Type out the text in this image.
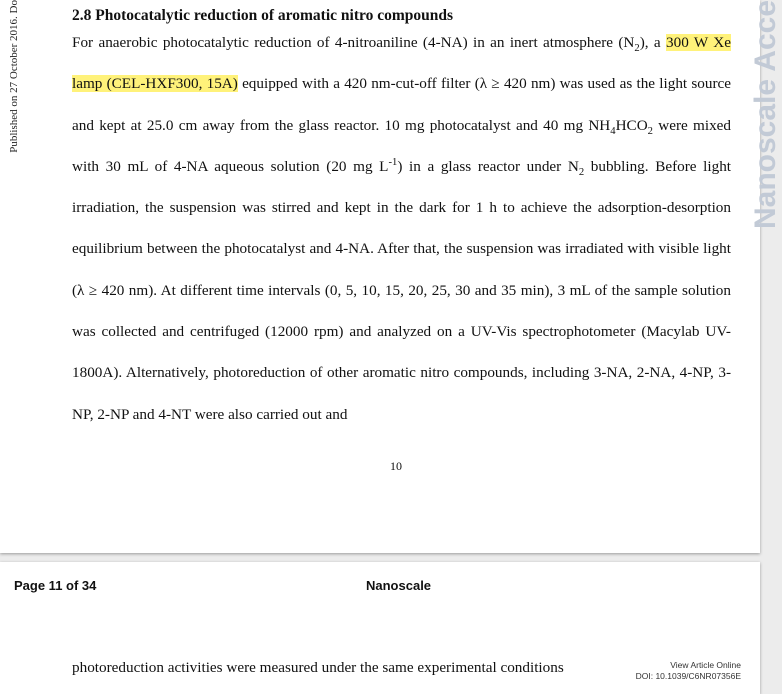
Published on 27 October 2016. Do	Nanoscale Acce
2.8 Photocatalytic reduction of aromatic nitro compounds
For anaerobic photocatalytic reduction of 4-nitroaniline (4-NA) in an inert atmosphere $(N_2)$, a 300 W Xe lamp (CEL-HXF300, 15A) equipped with a 420 nm-cut-off filter (λ ≥ 420 nm) was used as the light source and kept at 25.0 cm away from the glass reactor. 10 mg photocatalyst and 40 mg $NH_4HCO_2$ were mixed with 30 mL of 4-NA aqueous solution (20 mg $L^{-1}$) in a glass reactor under $N_2$ bubbling. Before light irradiation, the suspension was stirred and kept in the dark for 1 h to achieve the adsorption-desorption equilibrium between the photocatalyst and 4-NA. After that, the suspension was irradiated with visible light (λ ≥ 420 nm). At different time intervals (0, 5, 10, 15, 20, 25, 30 and 35 min), 3 mL of the sample solution was collected and centrifuged (12000 rpm) and analyzed on a UV-Vis spectrophotometer (Macylab UV-1800A). Alternatively, photoreduction of other aromatic nitro compounds, including 3-NA, 2-NA, 4-NP, 3-NP, 2-NP and 4-NT were also carried out and
10
Page 11 of 34	Nanoscale
photoreduction activities were measured under the same experimental conditions	View Article Online
DOI: 10.1039/C6NR07356E
